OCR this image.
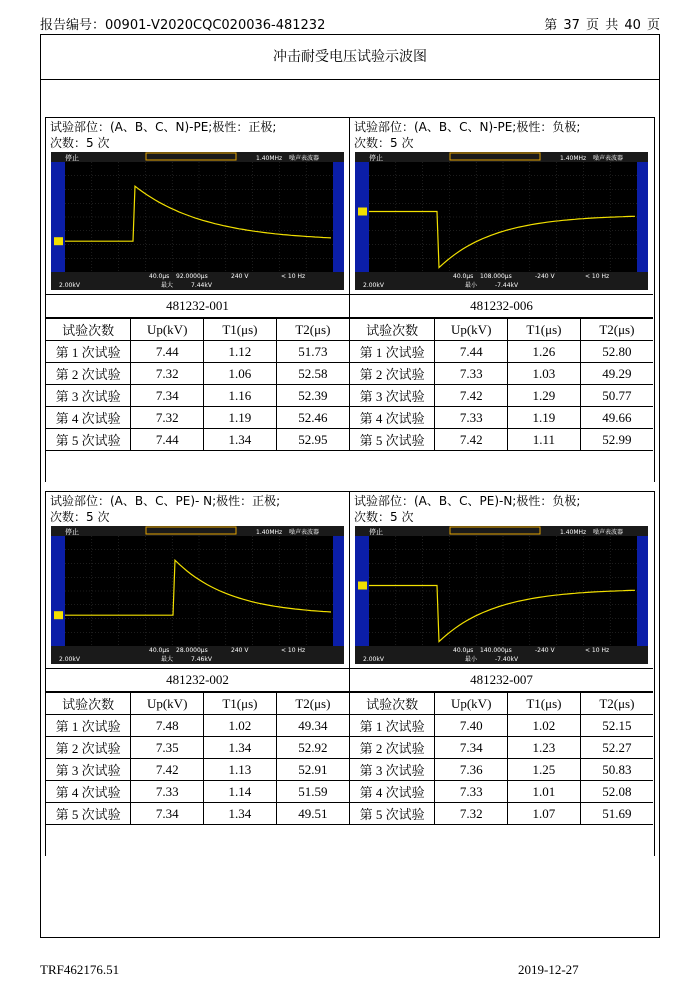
报告编号：00901-V2020CQC020036-481232	第 37 页 共 40 页
冲击耐受电压试验示波图
试验部位：(A、B、C、N)-PE;极性：正极;
次数：5 次
停止	1.40MHz 噪声表波器
40.0μs 92.0000μs	240 V	< 10 Hz
2.00kV	最大	7.44kV
481232-001
试验次数	Up(kV)	T1(μs)	T2(μs)
第 1 次试验	7.44	1.12	51.73
第 2 次试验	7.32	1.06	52.58
第 3 次试验	7.34	1.16	52.39
第 4 次试验	7.32	1.19	52.46
第 5 次试验	7.44	1.34	52.95
试验部位：(A、B、C、N)-PE;极性：负极;
次数：5 次
停止	1.40MHz 噪声表波器
40.0μs 108.000μs	-240 V	< 10 Hz
2.00kV	最小	-7.44kV
481232-006
试验次数	Up(kV)	T1(μs)	T2(μs)
第 1 次试验	7.44	1.26	52.80
第 2 次试验	7.33	1.03	49.29
第 3 次试验	7.42	1.29	50.77
第 4 次试验	7.33	1.19	49.66
第 5 次试验	7.42	1.11	52.99
试验部位：(A、B、C、PE)- N;极性：正极;
次数：5 次
停止	1.40MHz 噪声表波器
40.0μs 28.0000μs	240 V	< 10 Hz
2.00kV	最大	7.46kV
481232-002
试验次数	Up(kV)	T1(μs)	T2(μs)
第 1 次试验	7.48	1.02	49.34
第 2 次试验	7.35	1.34	52.92
第 3 次试验	7.42	1.13	52.91
第 4 次试验	7.33	1.14	51.59
第 5 次试验	7.34	1.34	49.51
试验部位：(A、B、C、PE)-N;极性：负极;
次数：5 次
停止	1.40MHz 噪声表波器
40.0μs 140.000μs	-240 V	< 10 Hz
2.00kV	最小	-7.40kV
481232-007
试验次数	Up(kV)	T1(μs)	T2(μs)
第 1 次试验	7.40	1.02	52.15
第 2 次试验	7.34	1.23	52.27
第 3 次试验	7.36	1.25	50.83
第 4 次试验	7.33	1.01	52.08
第 5 次试验	7.32	1.07	51.69
TRF462176.51	2019-12-27
